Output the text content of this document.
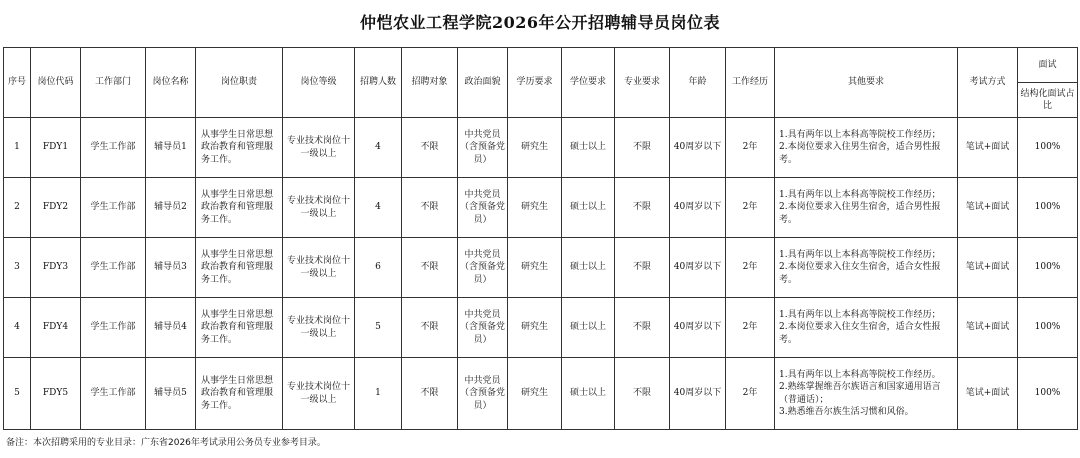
仲恺农业工程学院2026年公开招聘辅导员岗位表
序号	岗位代码	工作部门	岗位名称	岗位职责	岗位等级	招聘人数	招聘对象	政治面貌	学历要求	学位要求	专业要求	年龄	工作经历	其他要求	考试方式	面试
																结构化面试占比
1	FDY1	学生工作部	辅导员1	从事学生日常思想政治教育和管理服务工作。	专业技术岗位十一级以上	4	不限	中共党员（含预备党员）	研究生	硕士以上	不限	40周岁以下	2年	1.具有两年以上本科高等院校工作经历；
2.本岗位要求入住男生宿舍，适合男性报考。	笔试+面试	100%
2	FDY2	学生工作部	辅导员2	从事学生日常思想政治教育和管理服务工作。	专业技术岗位十一级以上	4	不限	中共党员（含预备党员）	研究生	硕士以上	不限	40周岁以下	2年	1.具有两年以上本科高等院校工作经历；
2.本岗位要求入住男生宿舍，适合男性报考。	笔试+面试	100%
3	FDY3	学生工作部	辅导员3	从事学生日常思想政治教育和管理服务工作。	专业技术岗位十一级以上	6	不限	中共党员（含预备党员）	研究生	硕士以上	不限	40周岁以下	2年	1.具有两年以上本科高等院校工作经历；
2.本岗位要求入住女生宿舍，适合女性报考。	笔试+面试	100%
4	FDY4	学生工作部	辅导员4	从事学生日常思想政治教育和管理服务工作。	专业技术岗位十一级以上	5	不限	中共党员（含预备党员）	研究生	硕士以上	不限	40周岁以下	2年	1.具有两年以上本科高等院校工作经历；
2.本岗位要求入住女生宿舍，适合女性报考。	笔试+面试	100%
5	FDY5	学生工作部	辅导员5	从事学生日常思想政治教育和管理服务工作。	专业技术岗位十一级以上	1	不限	中共党员（含预备党员）	研究生	硕士以上	不限	40周岁以下	2年	1.具有两年以上本科高等院校工作经历。
2.熟练掌握维吾尔族语言和国家通用语言（普通话）；
3.熟悉维吾尔族生活习惯和风俗。	笔试+面试	100%
备注：本次招聘采用的专业目录：广东省2026年考试录用公务员专业参考目录。
